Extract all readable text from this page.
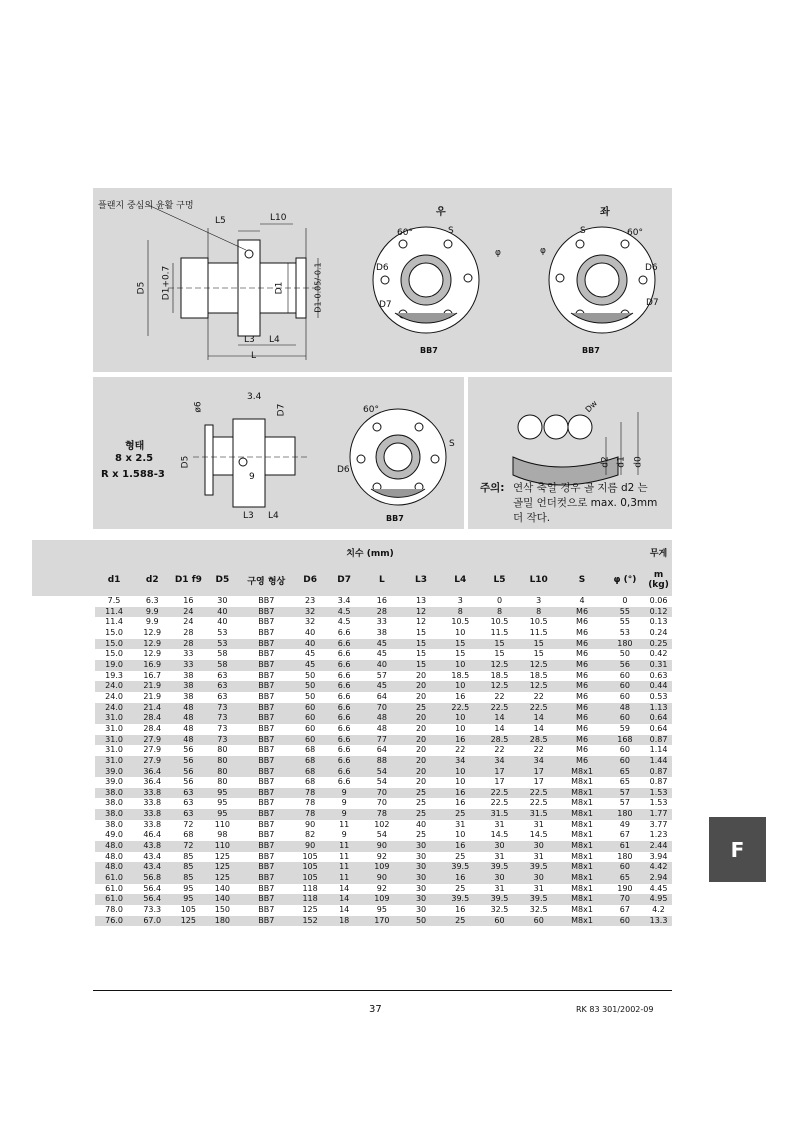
플랜지 중심의 윤활 구멍
L5	L10
D5 D1+0.7	D1	D1-0.05/-0.1
L3 L4
L
우
60°	S
φ
D6
D7
BB7
좌
60°
S
φ
D6
D7
BB7
형태
8 x 2.5
R x 1.588-3
ø6
3.4
D7
D5
9
L3 L4
60°
D6
S
BB7
Dw
d2 d1 d0
주의: 연삭 축일 경우 골 지름 d2 는
골밀 언더컷으로 max. 0,3mm
더 작다.
	치수 (mm)														무게
	d1	d2	D1 f9	D5	구영 형상	D6	D7	L	L3	L4	L5	L10	S	φ (°)	m (kg)
	7.5	6.3	16	30	BB7	23	3.4	16	13	3	0	3	4	0	0.06
	11.4	9.9	24	40	BB7	32	4.5	28	12	8	8	8	M6	55	0.12
	11.4	9.9	24	40	BB7	32	4.5	33	12	10.5	10.5	10.5	M6	55	0.13
	15.0	12.9	28	53	BB7	40	6.6	38	15	10	11.5	11.5	M6	53	0.24
	15.0	12.9	28	53	BB7	40	6.6	45	15	15	15	15	M6	180	0.25
	15.0	12.9	33	58	BB7	45	6.6	45	15	15	15	15	M6	50	0.42
	19.0	16.9	33	58	BB7	45	6.6	40	15	10	12.5	12.5	M6	56	0.31
	19.3	16.7	38	63	BB7	50	6.6	57	20	18.5	18.5	18.5	M6	60	0.63
	24.0	21.9	38	63	BB7	50	6.6	45	20	10	12.5	12.5	M6	60	0.44
	24.0	21.9	38	63	BB7	50	6.6	64	20	16	22	22	M6	60	0.53
	24.0	21.4	48	73	BB7	60	6.6	70	25	22.5	22.5	22.5	M6	48	1.13
	31.0	28.4	48	73	BB7	60	6.6	48	20	10	14	14	M6	60	0.64
	31.0	28.4	48	73	BB7	60	6.6	48	20	10	14	14	M6	59	0.64
	31.0	27.9	48	73	BB7	60	6.6	77	20	16	28.5	28.5	M6	168	0.87
	31.0	27.9	56	80	BB7	68	6.6	64	20	22	22	22	M6	60	1.14
	31.0	27.9	56	80	BB7	68	6.6	88	20	34	34	34	M6	60	1.44
	39.0	36.4	56	80	BB7	68	6.6	54	20	10	17	17	M8x1	65	0.87
	39.0	36.4	56	80	BB7	68	6.6	54	20	10	17	17	M8x1	65	0.87
	38.0	33.8	63	95	BB7	78	9	70	25	16	22.5	22.5	M8x1	57	1.53
	38.0	33.8	63	95	BB7	78	9	70	25	16	22.5	22.5	M8x1	57	1.53
	38.0	33.8	63	95	BB7	78	9	78	25	25	31.5	31.5	M8x1	180	1.77
	38.0	33.8	72	110	BB7	90	11	102	40	31	31	31	M8x1	49	3.77
	49.0	46.4	68	98	BB7	82	9	54	25	10	14.5	14.5	M8x1	67	1.23
	48.0	43.8	72	110	BB7	90	11	90	30	16	30	30	M8x1	61	2.44
	48.0	43.4	85	125	BB7	105	11	92	30	25	31	31	M8x1	180	3.94
	48.0	43.4	85	125	BB7	105	11	109	30	39.5	39.5	39.5	M8x1	60	4.42
	61.0	56.8	85	125	BB7	105	11	90	30	16	30	30	M8x1	65	2.94
	61.0	56.4	95	140	BB7	118	14	92	30	25	31	31	M8x1	190	4.45
	61.0	56.4	95	140	BB7	118	14	109	30	39.5	39.5	39.5	M8x1	70	4.95
	78.0	73.3	105	150	BB7	125	14	95	30	16	32.5	32.5	M8x1	67	4.2
	76.0	67.0	125	180	BB7	152	18	170	50	25	60	60	M8x1	60	13.3
F
37	RK 83 301/2002-09
